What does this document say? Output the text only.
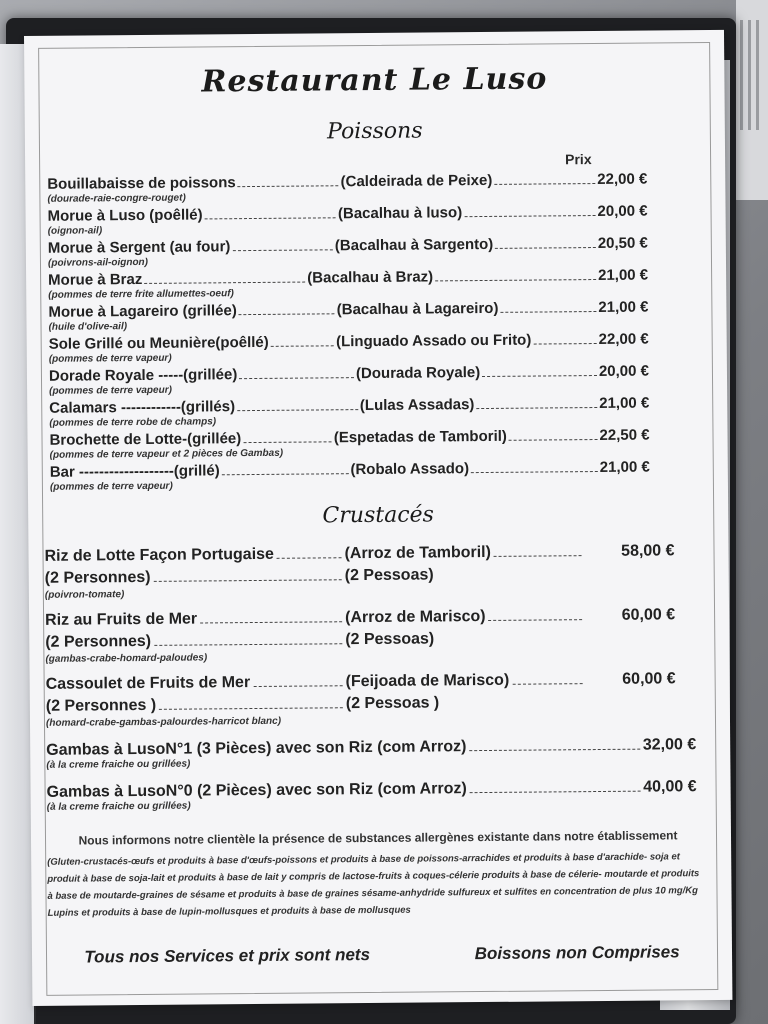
Restaurant Le Luso
Poissons
Prix
Bouillabaisse de poissons	(Caldeirada de Peixe)	22,00 €
(dourade-raie-congre-rouget)
Morue à Luso (poêllé)	(Bacalhau à luso)	20,00 €
(oignon-ail)
Morue à Sergent (au four)	(Bacalhau à Sargento)	20,50 €
(poivrons-ail-oignon)
Morue à Braz	(Bacalhau à Braz)	21,00 €
(pommes de terre frite allumettes-oeuf)
Morue à Lagareiro (grillée)	(Bacalhau à Lagareiro)	21,00 €
(huile d'olive-ail)
Sole Grillé ou Meunière(poêllé)	(Linguado Assado ou Frito)	22,00 €
(pommes de terre vapeur)
Dorade Royale -----(grillée)	(Dourada Royale)	20,00 €
(pommes de terre vapeur)
Calamars ------------(grillés)	(Lulas Assadas)	21,00 €
(pommes de terre robe de champs)
Brochette de Lotte-(grillée)	(Espetadas de Tamboril)	22,50 €
(pommes de terre vapeur et 2 pièces de Gambas)
Bar -------------------(grillé)	(Robalo Assado)	21,00 €
(pommes de terre vapeur)
Crustacés
Riz de Lotte Façon Portugaise	(Arroz de Tamboril)	58,00 €
(2 Personnes)	(2 Pessoas)
(poivron-tomate)
Riz au Fruits de Mer	(Arroz de Marisco)	60,00 €
(2 Personnes)	(2 Pessoas)
(gambas-crabe-homard-paloudes)
Cassoulet de Fruits de Mer	(Feijoada de Marisco)	60,00 €
(2 Personnes )	(2 Pessoas )
(homard-crabe-gambas-palourdes-harricot blanc)
Gambas à LusoN°1 (3 Pièces) avec son Riz (com Arroz)	32,00 €
(à la creme fraiche ou grillées)
Gambas à LusoN°0 (2 Pièces) avec son Riz (com Arroz)	40,00 €
(à la creme fraiche ou grillées)
Nous informons notre clientèle la présence de substances allergènes existante dans notre établissement
(Gluten-crustacés-œufs et produits à base d'œufs-poissons et produits à base de poissons-arrachides et produits à base d'arachide- soja et
produit à base de soja-lait et produits à base de lait y compris de lactose-fruits à coques-célerie produits à base de célerie- moutarde et produits
à base de moutarde-graines de sésame et produits à base de graines sésame-anhydride sulfureux et sulfites en concentration de plus 10 mg/Kg
Lupins et produits à base de lupin-mollusques et produits à base de mollusques
Tous nos Services et prix sont nets	Boissons non Comprises
